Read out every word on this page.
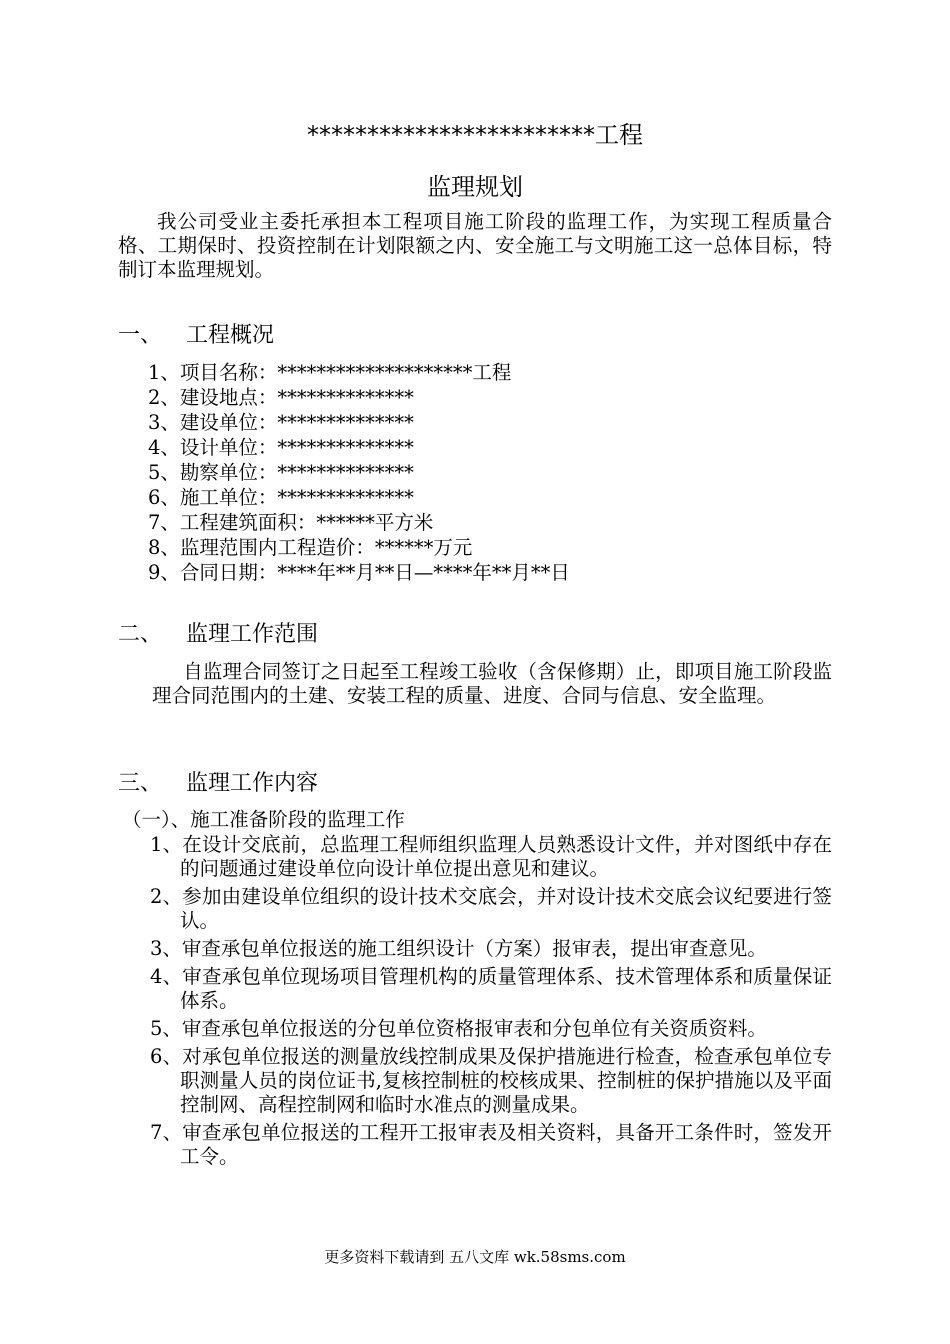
************************工程
监理规划

我公司受业主委托承担本工程项目施工阶段的监理工作，为实现工程质量合格、工期保时、投资控制在计划限额之内、安全施工与文明施工这一总体目标，特制订本监理规划。

一、 工程概况
1、项目名称：********************工程
2、建设地点：**************
3、建设单位：**************
4、设计单位：**************
5、勘察单位：**************
6、施工单位：**************
7、工程建筑面积：******平方米
8、监理范围内工程造价：******万元
9、合同日期：****年**月**日—****年**月**日
二、 监理工作范围

自监理合同签订之日起至工程竣工验收（含保修期）止，即项目施工阶段监理合同范围内的土建、安装工程的质量、进度、合同与信息、安全监理。

三、 监理工作内容
（一）、施工准备阶段的监理工作
1、在设计交底前，总监理工程师组织监理人员熟悉设计文件，并对图纸中存在的问题通过建设单位向设计单位提出意见和建议。
2、参加由建设单位组织的设计技术交底会，并对设计技术交底会议纪要进行签认。
3、审查承包单位报送的施工组织设计（方案）报审表，提出审查意见。
4、审查承包单位现场项目管理机构的质量管理体系、技术管理体系和质量保证体系。
5、审查承包单位报送的分包单位资格报审表和分包单位有关资质资料。
6、对承包单位报送的测量放线控制成果及保护措施进行检查，检查承包单位专职测量人员的岗位证书,复核控制桩的校核成果、控制桩的保护措施以及平面控制网、高程控制网和临时水准点的测量成果。
7、审查承包单位报送的工程开工报审表及相关资料，具备开工条件时，签发开工令。
更多资料下载请到 五八文库 wk.58sms.com
